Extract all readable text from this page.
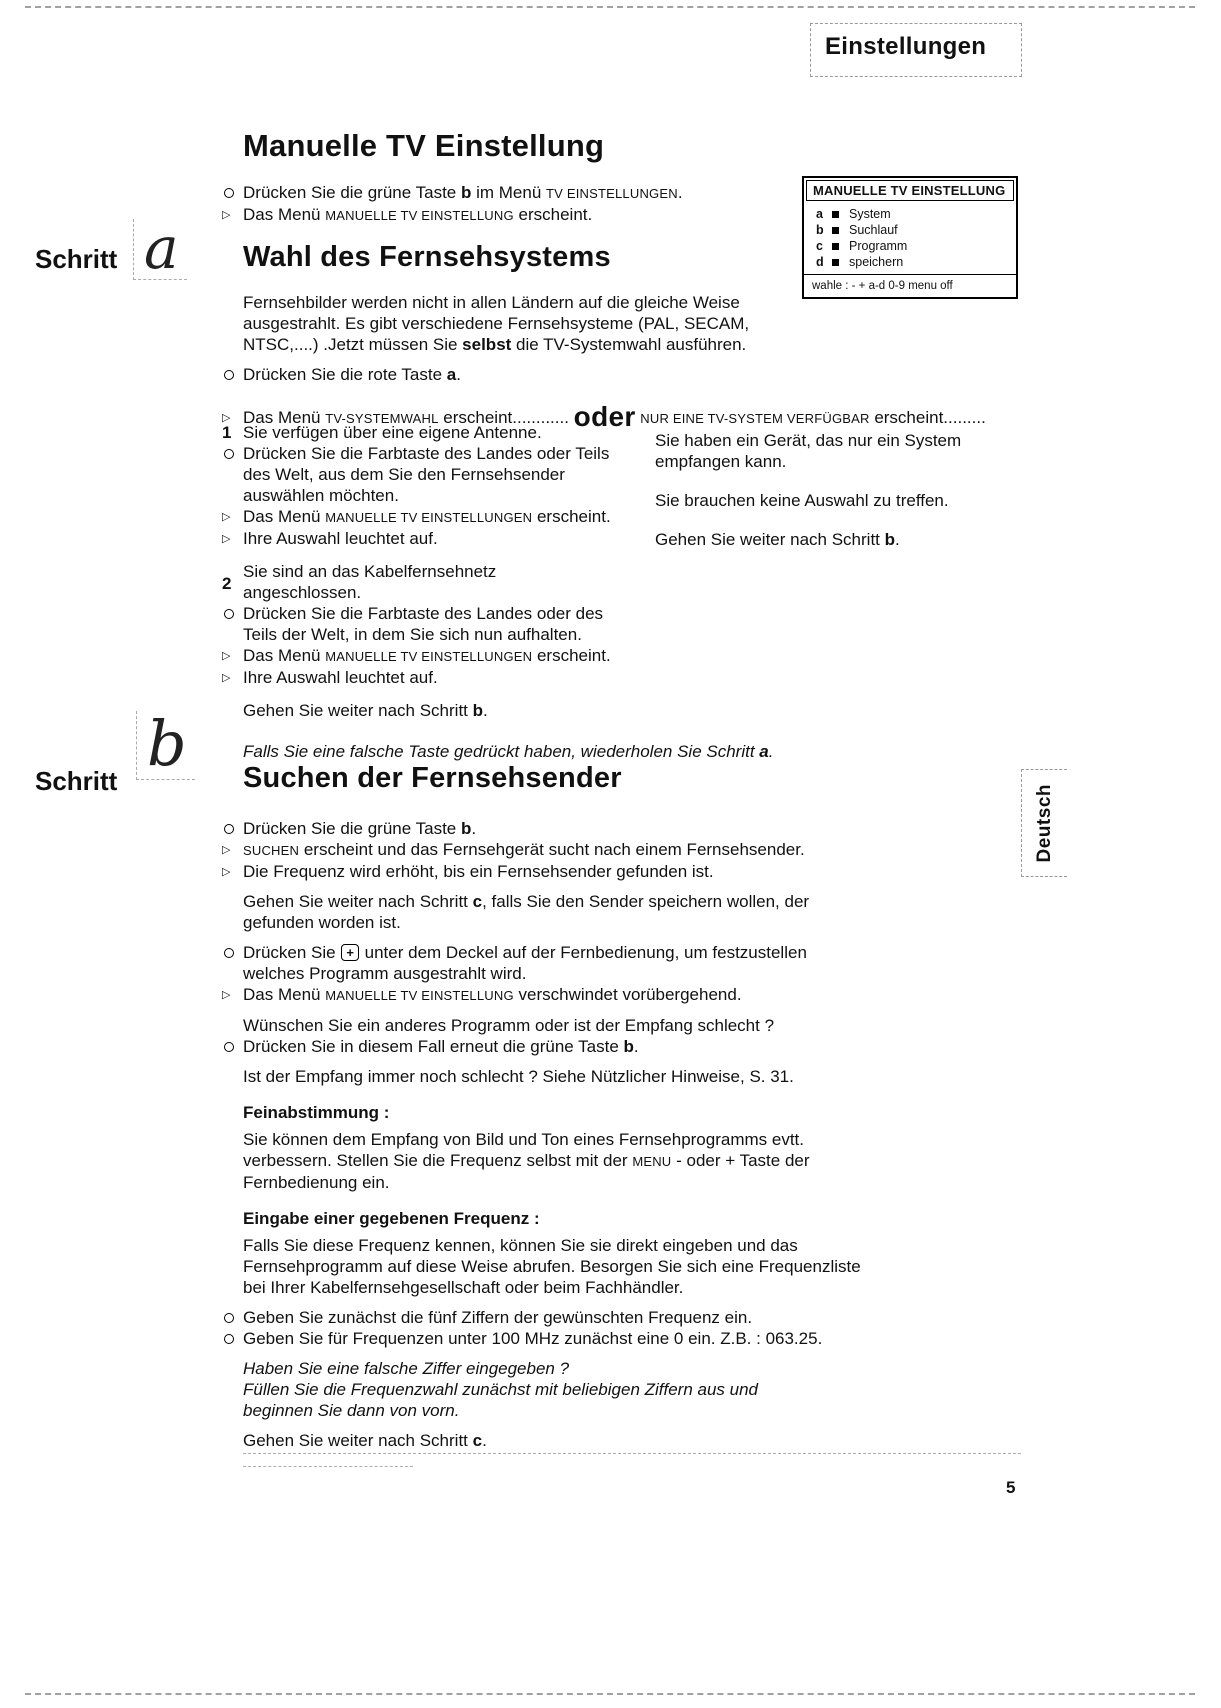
Einstellungen
Manuelle TV Einstellung
Drücken Sie die grüne Taste b im Menü TV EINSTELLUNGEN.
▷
Das Menü MANUELLE TV EINSTELLUNG erscheint.
MANUELLE TV EINSTELLUNG
a	System
b	Suchlauf
c	Programm
d	speichern
wahle : - + a-d 0-9 menu off
Schritt a Wahl des Fernsehsystems
Fernsehbilder werden nicht in allen Ländern auf die gleiche Weise ausgestrahlt. Es gibt verschiedene Fernsehsysteme (PAL, SECAM, NTSC,....) .Jetzt müssen Sie selbst die TV-Systemwahl ausführen.
Drücken Sie die rote Taste a.
▷
Das Menü TV-SYSTEMWAHL erscheint............ oder NUR EINE TV-SYSTEM VERFÜGBAR erscheint.........
1 Sie verfügen über eine eigene Antenne.
Drücken Sie die Farbtaste des Landes oder Teils des Welt, aus dem Sie den Fernsehsender auswählen möchten.
▷
Das Menü MANUELLE TV EINSTELLUNGEN erscheint.
▷
Ihre Auswahl leuchtet auf.
2
Sie sind an das Kabelfernsehnetz angeschlossen.
Drücken Sie die Farbtaste des Landes oder des Teils der Welt, in dem Sie sich nun aufhalten.
▷
Das Menü MANUELLE TV EINSTELLUNGEN erscheint.
▷
Ihre Auswahl leuchtet auf.
Gehen Sie weiter nach Schritt b.
Sie haben ein Gerät, das nur ein System empfangen kann.
Sie brauchen keine Auswahl zu treffen.
Gehen Sie weiter nach Schritt b.
Falls Sie eine falsche Taste gedrückt haben, wiederholen Sie Schritt a.
Schritt
b Suchen der Fernsehsender
Drücken Sie die grüne Taste b.
▷
SUCHEN erscheint und das Fernsehgerät sucht nach einem Fernsehsender.
▷
Die Frequenz wird erhöht, bis ein Fernsehsender gefunden ist.
Gehen Sie weiter nach Schritt c, falls Sie den Sender speichern wollen, der gefunden worden ist.
Drücken Sie + unter dem Deckel auf der Fernbedienung, um festzustellen welches Programm ausgestrahlt wird.
▷
Das Menü MANUELLE TV EINSTELLUNG verschwindet vorübergehend.
Wünschen Sie ein anderes Programm oder ist der Empfang schlecht ?
Drücken Sie in diesem Fall erneut die grüne Taste b.
Ist der Empfang immer noch schlecht ? Siehe Nützlicher Hinweise, S. 31.
Feinabstimmung :
Sie können dem Empfang von Bild und Ton eines Fernsehprogramms evtt. verbessern. Stellen Sie die Frequenz selbst mit der MENU - oder + Taste der Fernbedienung ein.
Eingabe einer gegebenen Frequenz :
Falls Sie diese Frequenz kennen, können Sie sie direkt eingeben und das Fernsehprogramm auf diese Weise abrufen. Besorgen Sie sich eine Frequenzliste bei Ihrer Kabelfernsehgesellschaft oder beim Fachhändler.
Geben Sie zunächst die fünf Ziffern der gewünschten Frequenz ein.
Geben Sie für Frequenzen unter 100 MHz zunächst eine 0 ein. Z.B. : 063.25.
Haben Sie eine falsche Ziffer eingegeben ?
Füllen Sie die Frequenzwahl zunächst mit beliebigen Ziffern aus und beginnen Sie dann von vorn.
Gehen Sie weiter nach Schritt c.
Deutsch
5
